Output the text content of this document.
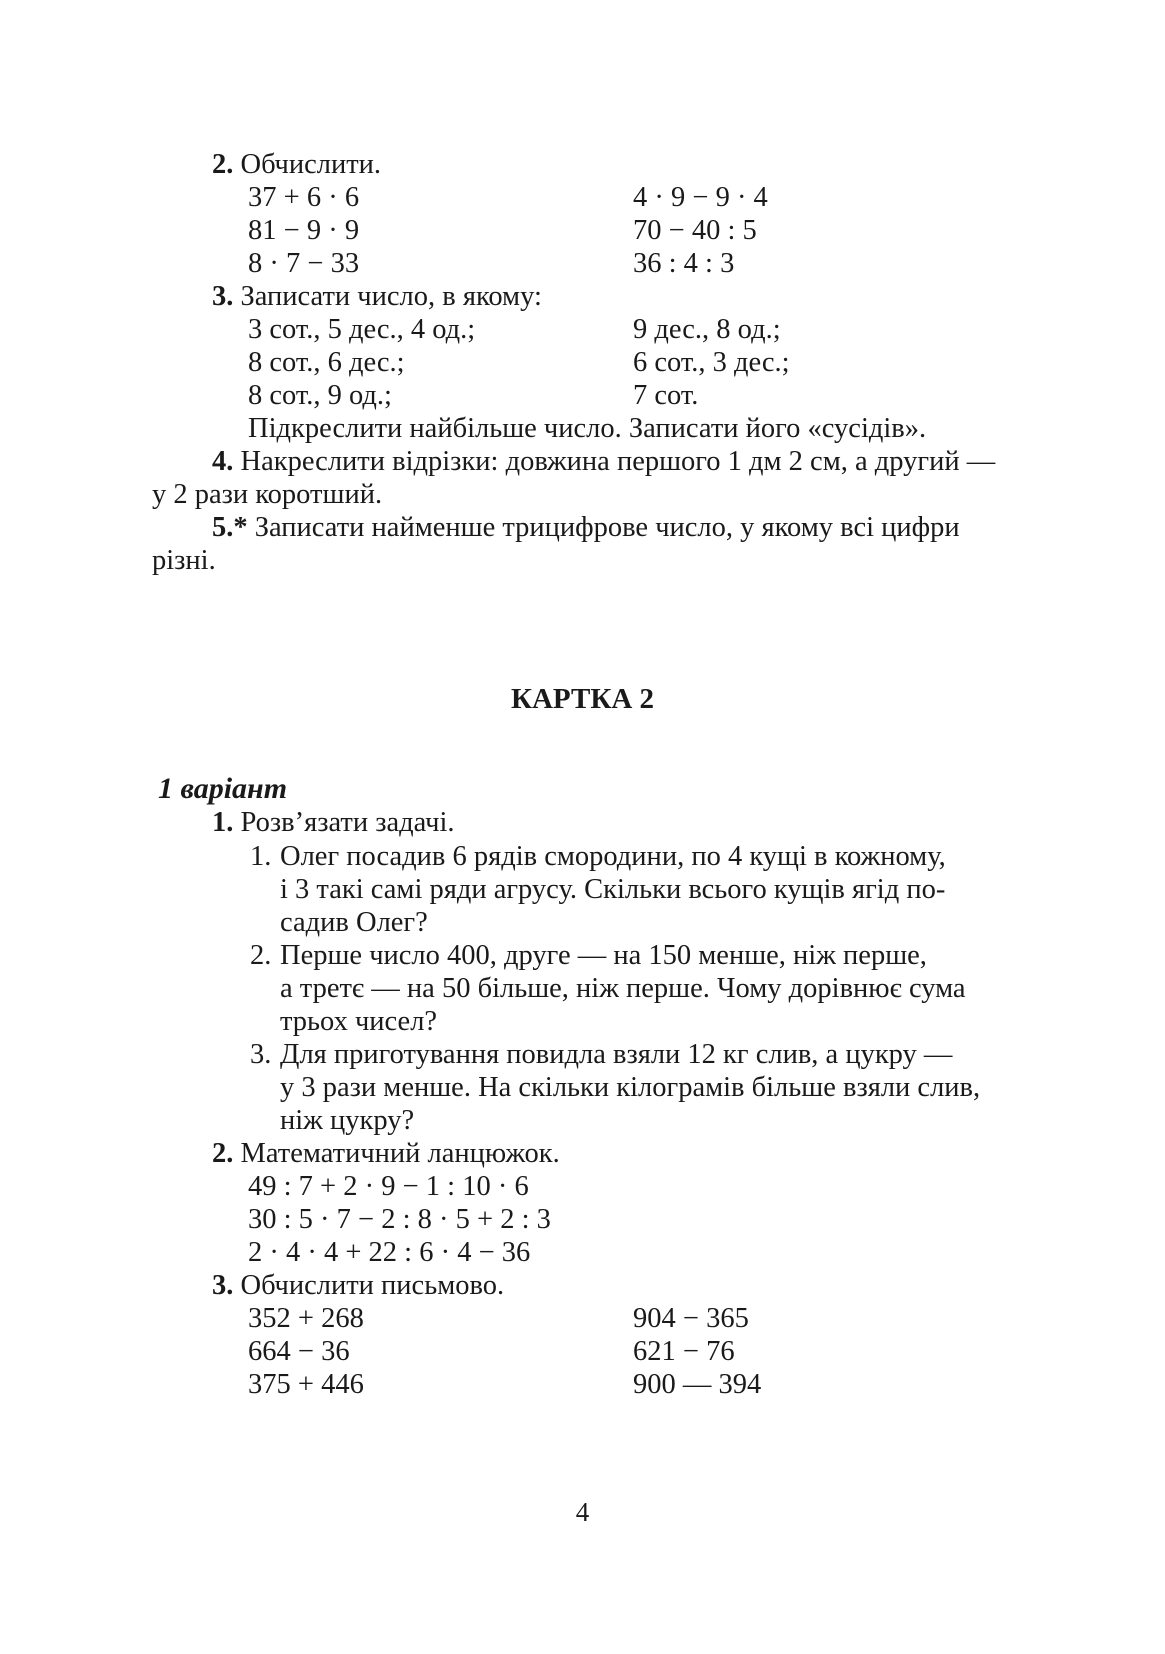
2. Обчислити.
37 + 6 · 6	4 · 9 − 9 · 4
81 − 9 · 9	70 − 40 : 5
8 · 7 − 33	36 : 4 : 3
3. Записати число, в якому:
3 сот., 5 дес., 4 од.;	9 дес., 8 од.;
8 сот., 6 дес.;	6 сот., 3 дес.;
8 сот., 9 од.;	7 сот.
Підкреслити найбільше число. Записати його «сусідів».
4. Накреслити відрізки: довжина першого 1 дм 2 см, а другий —
у 2 рази коротший.
5.* Записати найменше трицифрове число, у якому всі цифри
різні.
КАРТКА 2
1 варіант
1. Розв’язати задачі.
1. Олег посадив 6 рядів смородини, по 4 кущі в кожному,
і 3 такі самі ряди агрусу. Скільки всього кущів ягід по-
садив Олег?
2. Перше число 400, друге — на 150 менше, ніж перше,
а третє — на 50 більше, ніж перше. Чому дорівнює сума
трьох чисел?
3. Для приготування повидла взяли 12 кг слив, а цукру —
у 3 рази менше. На скільки кілограмів більше взяли слив,
ніж цукру?
2. Математичний ланцюжок.
49 : 7 + 2 · 9 − 1 : 10 · 6
30 : 5 · 7 − 2 : 8 · 5 + 2 : 3
2 · 4 · 4 + 22 : 6 · 4 − 36
3. Обчислити письмово.
352 + 268	904 − 365
664 − 36	621 − 76
375 + 446	900 — 394
4
